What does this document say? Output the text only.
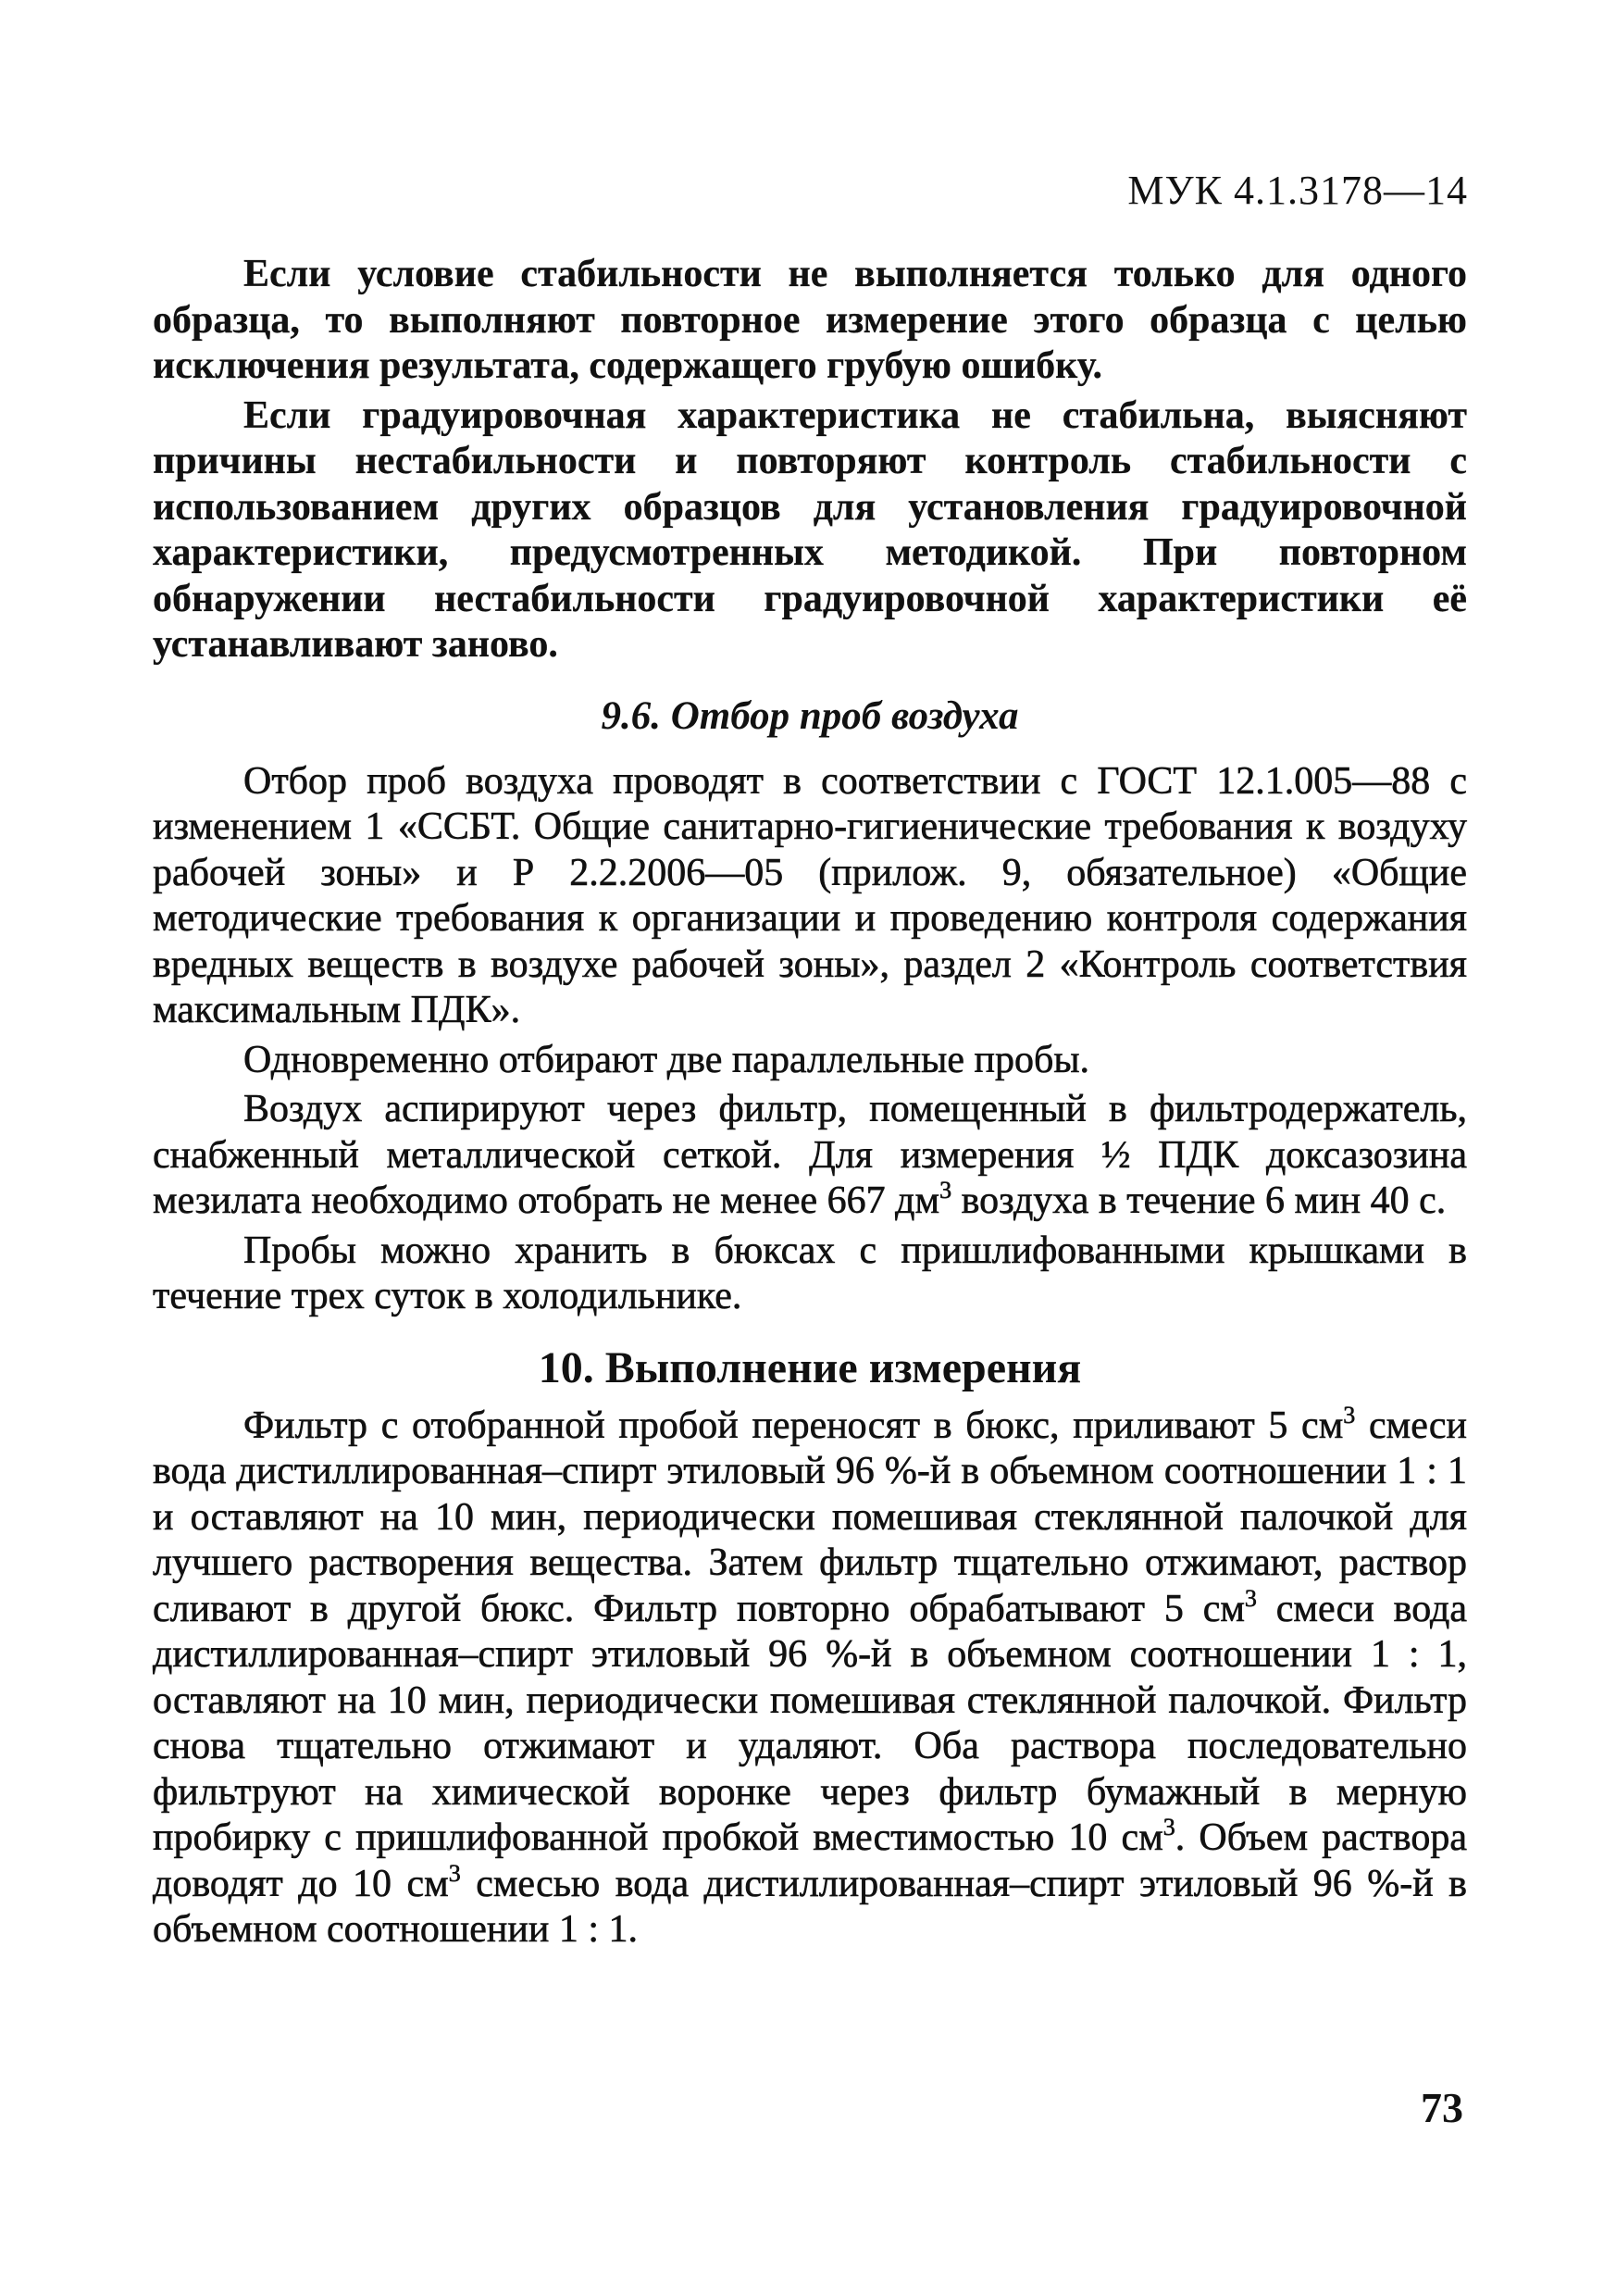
МУК 4.1.3178—14

Если условие стабильности не выполняется только для одного образца, то выполняют повторное измерение этого образца с целью исключения результата, содержащего грубую ошибку.

Если градуировочная характеристика не стабильна, выясняют причины нестабильности и повторяют контроль стабильности с использованием других образцов для установления градуировочной характеристики, предусмотренных методикой. При повторном обнаружении нестабильности градуировочной характеристики её устанавливают заново.

9.6. Отбор проб воздуха

Отбор проб воздуха проводят в соответствии с ГОСТ 12.1.005—88 с изменением 1 «ССБТ. Общие санитарно-гигиенические требования к воздуху рабочей зоны» и Р 2.2.2006—05 (прилож. 9, обязательное) «Общие методические требования к организации и проведению контроля содержания вредных веществ в воздухе рабочей зоны», раздел 2 «Контроль соответствия максимальным ПДК».

Одновременно отбирают две параллельные пробы.

Воздух аспирируют через фильтр, помещенный в фильтродержатель, снабженный металлической сеткой. Для измерения ½ ПДК доксазозина мезилата необходимо отобрать не менее 667 $дм^3$ воздуха в течение 6 мин 40 с.

Пробы можно хранить в бюксах с пришлифованными крышками в течение трех суток в холодильнике.

10. Выполнение измерения

Фильтр с отобранной пробой переносят в бюкс, приливают 5 $см^3$ смеси вода дистиллированная–спирт этиловый 96 %-й в объемном соотношении 1 : 1 и оставляют на 10 мин, периодически помешивая стеклянной палочкой для лучшего растворения вещества. Затем фильтр тщательно отжимают, раствор сливают в другой бюкс. Фильтр повторно обрабатывают 5 $см^3$ смеси вода дистиллированная–спирт этиловый 96 %-й в объемном соотношении 1 : 1, оставляют на 10 мин, периодически помешивая стеклянной палочкой. Фильтр снова тщательно отжимают и удаляют. Оба раствора последовательно фильтруют на химической воронке через фильтр бумажный в мерную пробирку с пришлифованной пробкой вместимостью 10 $см^3$. Объем раствора доводят до 10 $см^3$ смесью вода дистиллированная–спирт этиловый 96 %-й в объемном соотношении 1 : 1.

73
